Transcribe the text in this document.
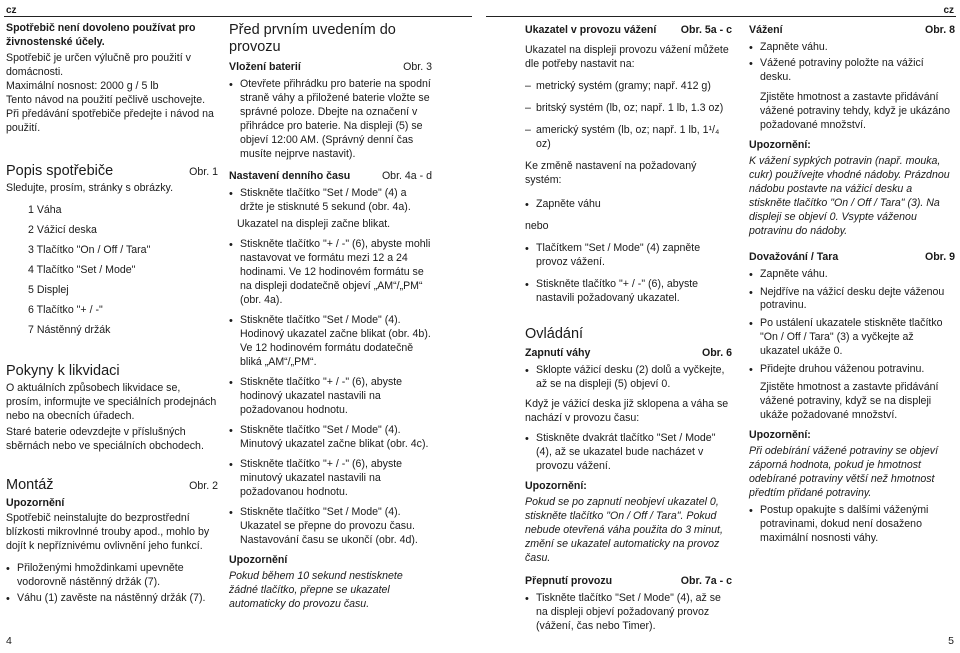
cz	cz

Spotřebič není dovoleno používat pro živnostenské účely.

Spotřebič je určen výlučně pro použití v domácnosti.

Maximální nosnost: 2000 g / 5 lb

Tento návod na použití pečlivě uschovejte.

Při předávání spotřebiče předejte i návod na použití.

Popis spotřebiče	Obr. 1

Sledujte, prosím, stránky s obrázky.

1 Váha
2 Vážicí deska
3 Tlačítko "On / Off / Tara"
4 Tlačítko "Set / Mode"
5 Displej
6 Tlačítko "+ / -"
7 Nástěnný držák
Pokyny k likvidaci

O aktuálních způsobech likvidace se, prosím, informujte ve speciálních prodejnách nebo na obecních úřadech.

Staré baterie odevzdejte v příslušných sběrnách nebo ve speciálních obchodech.

Montáž	Obr. 2

Upozornění

Spotřebič neinstalujte do bezprostřední blízkosti mikrovlnné trouby apod., mohlo by dojít k nepříznivému ovlivnění jeho funkcí.

• Přiloženými hmoždinkami upevněte vodorovně nástěnný držák (7).
• Váhu (1) zavěste na nástěnný držák (7).
Před prvním uvedením do provozu
Vložení baterií	Obr. 3
• Otevřete přihrádku pro baterie na spodní straně váhy a přiložené baterie vložte se správné poloze. Dbejte na označení v přihrádce pro baterie. Na displeji (5) se objeví 12:00 AM. (Správný denní čas musíte nejprve nastavit).
Nastavení denního času	Obr. 4a - d
• Stiskněte tlačítko "Set / Mode" (4) a držte je stisknuté 5 sekund (obr. 4a).

Ukazatel na displeji začne blikat.

• Stiskněte tlačítko "+ / -" (6), abyste mohli nastavovat ve formátu mezi 12 a 24 hodinami. Ve 12 hodinovém formátu se na displeji dodatečně objeví „AM“/„PM“ (obr. 4a).
• Stiskněte tlačítko "Set / Mode" (4). Hodinový ukazatel začne blikat (obr. 4b). Ve 12 hodinovém formátu dodatečně bliká „AM“/„PM“.
• Stiskněte tlačítko "+ / -" (6), abyste hodinový ukazatel nastavili na požadovanou hodnotu.
• Stiskněte tlačítko "Set / Mode" (4). Minutový ukazatel začne blikat (obr. 4c).
• Stiskněte tlačítko "+ / -" (6), abyste minutový ukazatel nastavili na požadovanou hodnotu.
• Stiskněte tlačítko "Set / Mode" (4). Ukazatel se přepne do provozu času. Nastavování času se ukončí (obr. 4d).

Upozornění

Pokud během 10 sekund nestisknete žádné tlačítko, přepne se ukazatel automaticky do provozu času.

Ukazatel v provozu vážení Obr. 5a - c

Ukazatel na displeji provozu vážení můžete dle potřeby nastavit na:

– metrický systém (gramy; např. 412 g)
– britský systém (lb, oz; např. 1 lb, 1.3 oz)
– americký systém (lb, oz; např. 1 lb, 1¹/₄ oz)

Ke změně nastavení na požadovaný systém:

• Zapněte váhu

nebo

• Tlačítkem "Set / Mode" (4) zapněte provoz vážení.
• Stiskněte tlačítko "+ / -" (6), abyste nastavili požadovaný ukazatel.
Ovládání
Zapnutí váhy	Obr. 6
• Sklopte vážicí desku (2) dolů a vyčkejte, až se na displeji (5) objeví 0.

Když je vážicí deska již sklopena a váha se nachází v provozu času:

• Stiskněte dvakrát tlačítko "Set / Mode" (4), až se ukazatel bude nacházet v provozu vážení.

Upozornění:

Pokud se po zapnutí neobjeví ukazatel 0, stiskněte tlačítko "On / Off / Tara". Pokud nebude otevřená váha použita do 3 minut, změní se ukazatel automaticky na provoz času.

Přepnutí provozu	Obr. 7a - c
• Tiskněte tlačítko "Set / Mode" (4), až se na displeji objeví požadovaný provoz (vážení, čas nebo Timer).
Vážení	Obr. 8
• Zapněte váhu.
• Vážené potraviny položte na vážicí desku.

Zjistěte hmotnost a zastavte přidávání vážené potraviny tehdy, když je ukázáno požadované množství.

Upozornění:

K vážení sypkých potravin (např. mouka, cukr) používejte vhodné nádoby. Prázdnou nádobu postavte na vážicí desku a stiskněte tlačítko "On / Off / Tara" (3). Na displeji se objeví 0. Vsypte váženou potravinu do nádoby.

Dovažování / Tara	Obr. 9
• Zapněte váhu.
• Nejdříve na vážicí desku dejte váženou potravinu.
• Po ustálení ukazatele stiskněte tlačítko "On / Off / Tara" (3) a vyčkejte až ukazatel ukáže 0.
• Přidejte druhou váženou potravinu.

Zjistěte hmotnost a zastavte přidávání vážené potraviny, když se na displeji ukáže požadované množství.

Upozornění:

Při odebírání vážené potraviny se objeví záporná hodnota, pokud je hmotnost odebírané potraviny větší než hmotnost předtím přidané potraviny.

• Postup opakujte s dalšími váženými potravinami, dokud není dosaženo maximální nosnosti váhy.
4	5
